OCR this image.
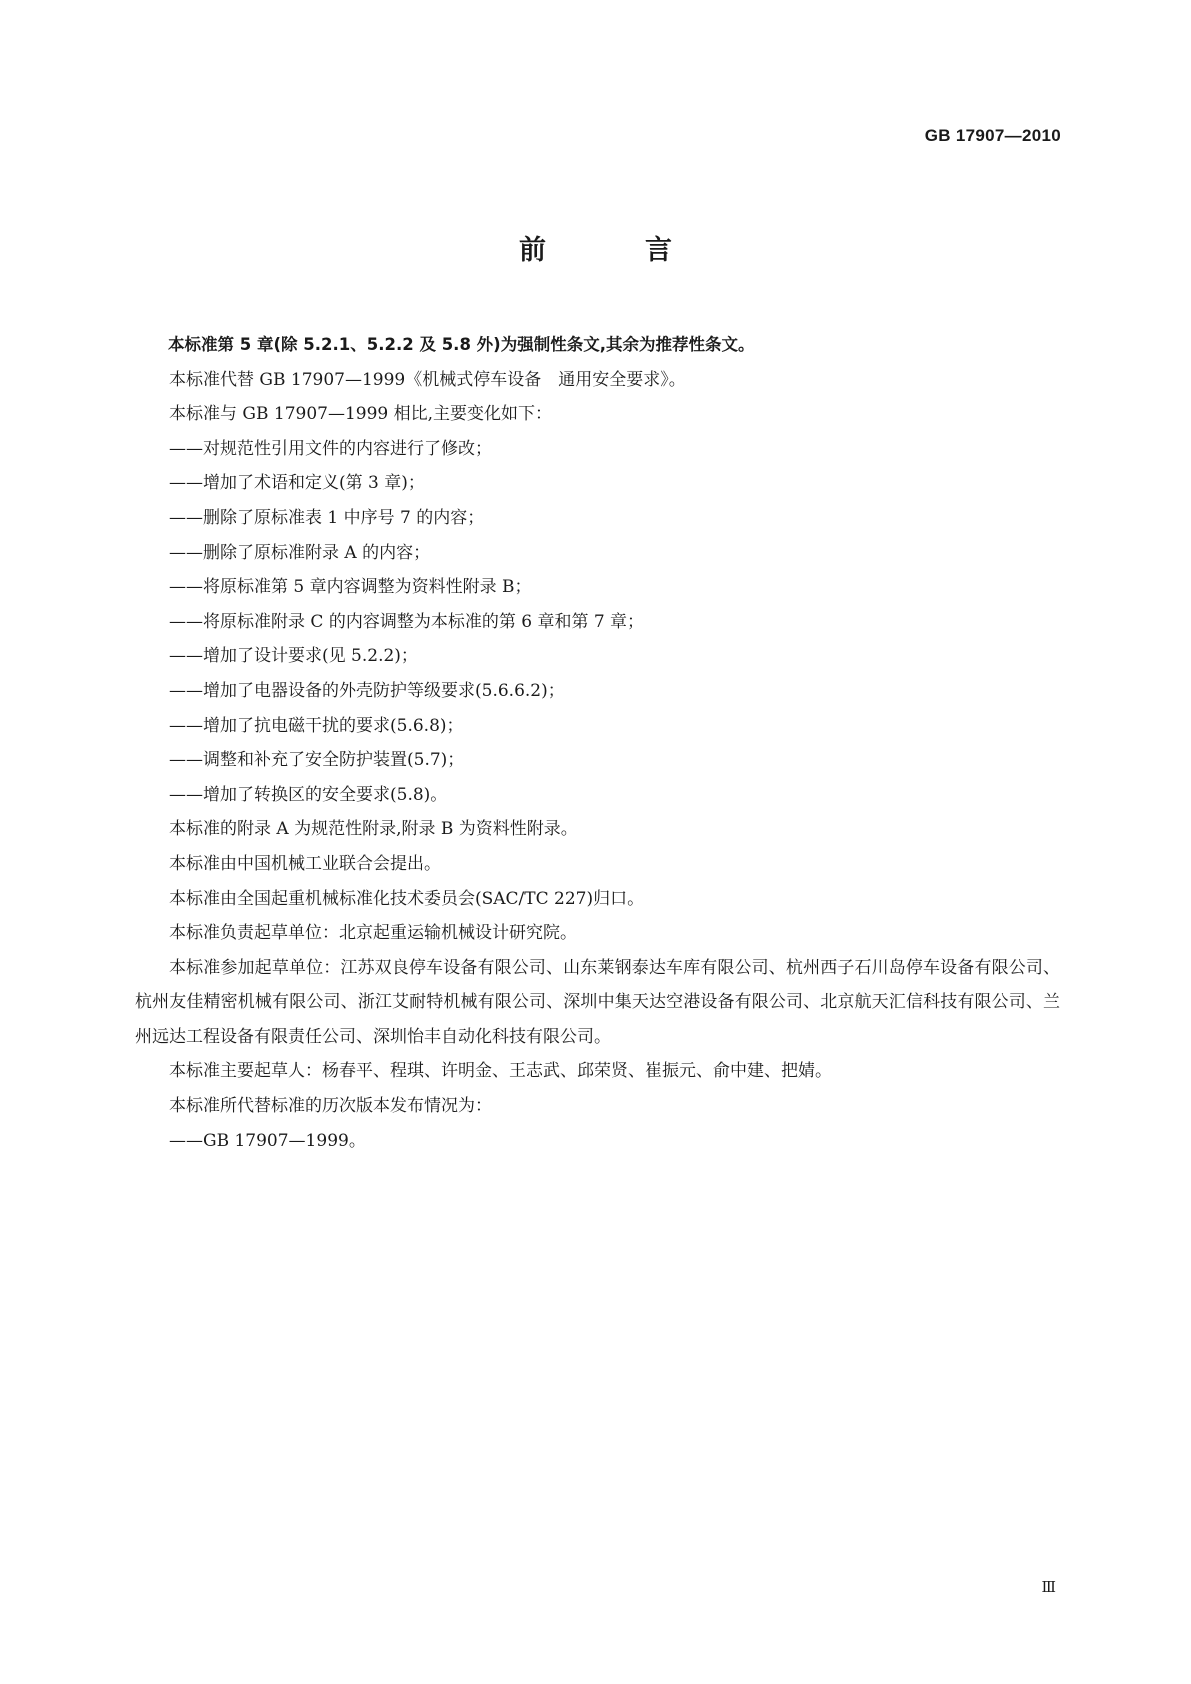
GB 17907—2010
前　言

本标准第 5 章(除 5.2.1、5.2.2 及 5.8 外)为强制性条文,其余为推荐性条文。

本标准代替 GB 17907—1999《机械式停车设备　通用安全要求》。

本标准与 GB 17907—1999 相比,主要变化如下：

——对规范性引用文件的内容进行了修改；

——增加了术语和定义(第 3 章)；

——删除了原标准表 1 中序号 7 的内容；

——删除了原标准附录 A 的内容；

——将原标准第 5 章内容调整为资料性附录 B；

——将原标准附录 C 的内容调整为本标准的第 6 章和第 7 章；

——增加了设计要求(见 5.2.2)；

——增加了电器设备的外壳防护等级要求(5.6.6.2)；

——增加了抗电磁干扰的要求(5.6.8)；

——调整和补充了安全防护装置(5.7)；

——增加了转换区的安全要求(5.8)。

本标准的附录 A 为规范性附录,附录 B 为资料性附录。

本标准由中国机械工业联合会提出。

本标准由全国起重机械标准化技术委员会(SAC/TC 227)归口。

本标准负责起草单位：北京起重运输机械设计研究院。

本标准参加起草单位：江苏双良停车设备有限公司、山东莱钢泰达车库有限公司、杭州西子石川岛停车设备有限公司、杭州友佳精密机械有限公司、浙江艾耐特机械有限公司、深圳中集天达空港设备有限公司、北京航天汇信科技有限公司、兰州远达工程设备有限责任公司、深圳怡丰自动化科技有限公司。

本标准主要起草人：杨春平、程琪、许明金、王志武、邱荣贤、崔振元、俞中建、把婧。

本标准所代替标准的历次版本发布情况为：

——GB 17907—1999。

Ⅲ
